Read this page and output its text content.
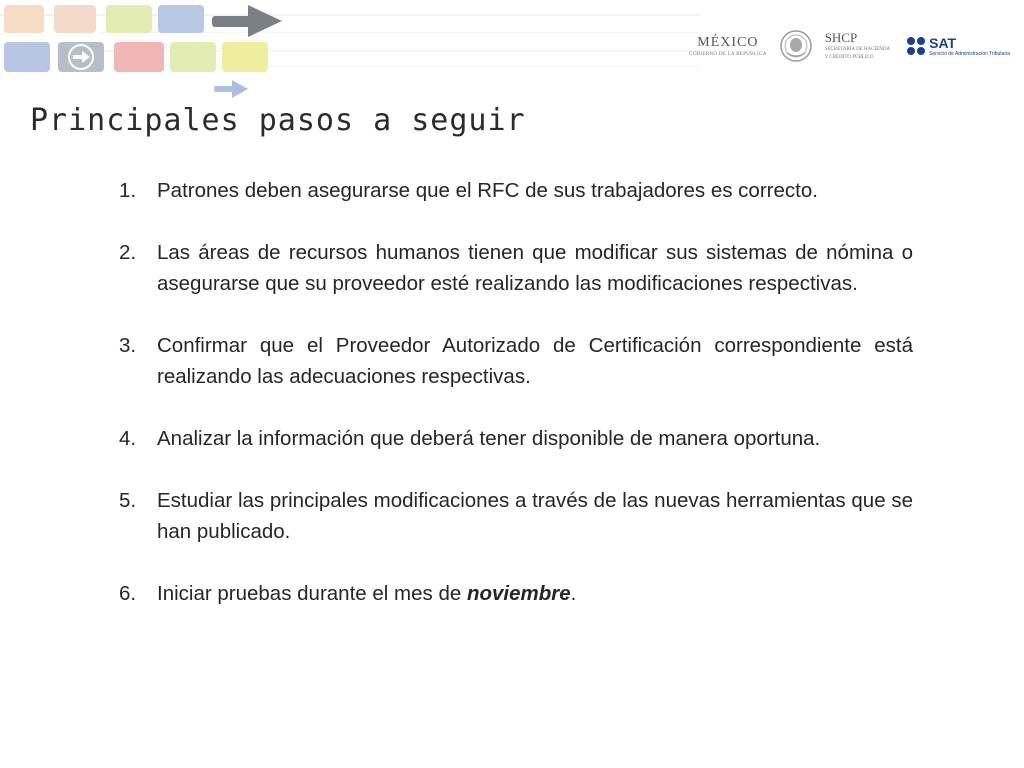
MÉXICO
GOBIERNO DE LA REPÚBLICA
SHCP
SECRETARÍA DE HACIENDA
Y CRÉDITO PÚBLICO
SAT
Servicio de Administración Tributaria
Principales pasos a seguir
1.	Patrones deben asegurarse que el RFC de sus trabajadores es correcto.
2.	Las áreas de recursos humanos tienen que modificar sus sistemas de nómina o asegurarse que su proveedor esté realizando las modificaciones respectivas.
3.	Confirmar que el Proveedor Autorizado de Certificación correspondiente está realizando las adecuaciones respectivas.
4.	Analizar la información que deberá tener disponible de manera oportuna.
5.	Estudiar las principales modificaciones a través de las nuevas herramientas que se han publicado.
6.	Iniciar pruebas durante el mes de noviembre.
